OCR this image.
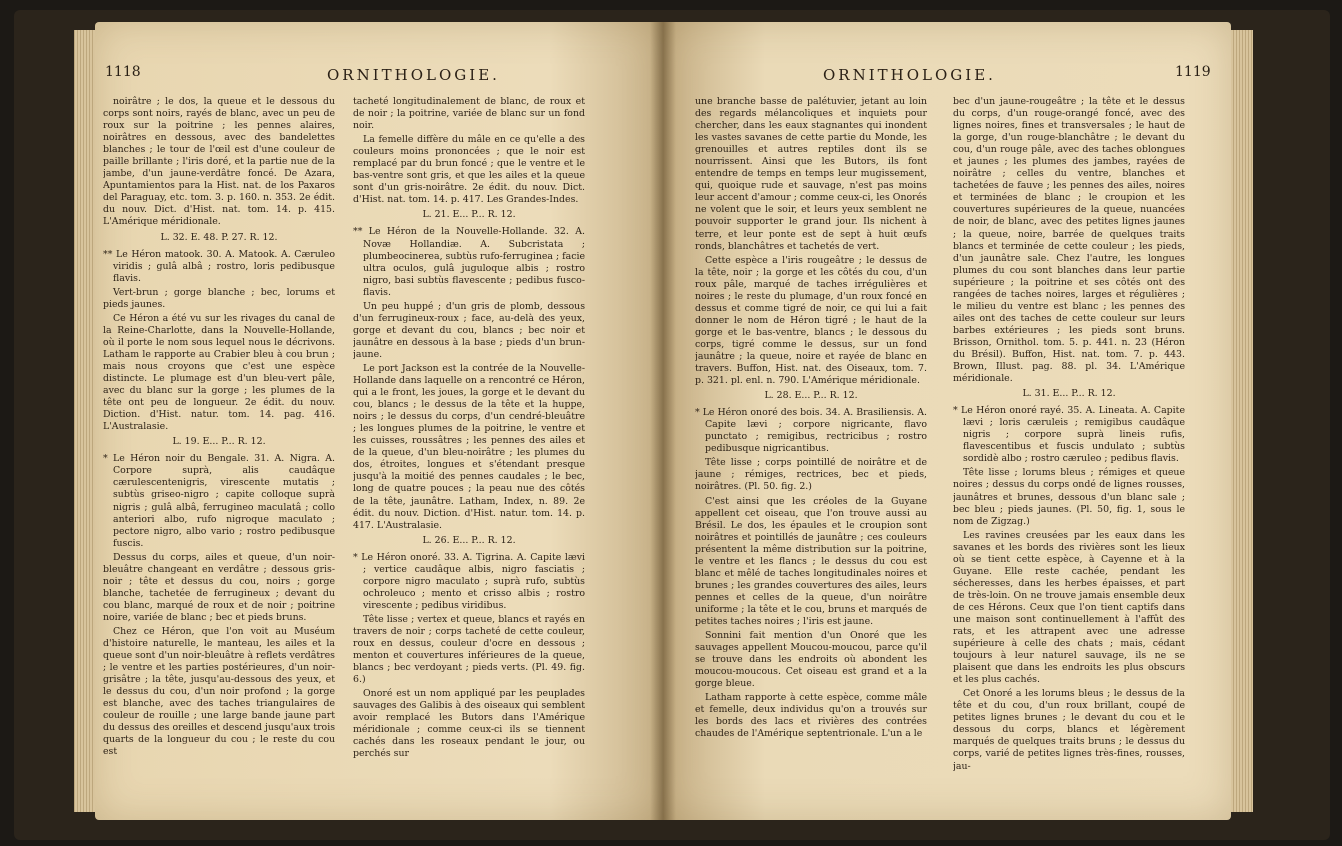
1118	ORNITHOLOGIE.

noirâtre ; le dos, la queue et le dessous du corps sont noirs, rayés de blanc, avec un peu de roux sur la poitrine ; les pennes alaires, noirâtres en dessous, avec des bandelettes blanches ; le tour de l'œil est d'une couleur de paille brillante ; l'iris doré, et la partie nue de la jambe, d'un jaune-verdâtre foncé. De Azara, Apuntamientos para la Hist. nat. de los Paxaros del Paraguay, etc. tom. 3. p. 160. n. 353. 2e édit. du nouv. Dict. d'Hist. nat. tom. 14. p. 415. L'Amérique méridionale.

L. 32. E. 48. P. 27. R. 12.

** Le Héron matook. 30. A. Matook. A. Cæruleo viridis ; gulâ albâ ; rostro, loris pedibusque flavis.

Vert-brun ; gorge blanche ; bec, lorums et pieds jaunes.

Ce Héron a été vu sur les rivages du canal de la Reine-Charlotte, dans la Nouvelle-Hollande, où il porte le nom sous lequel nous le décrivons. Latham le rapporte au Crabier bleu à cou brun ; mais nous croyons que c'est une espèce distincte. Le plumage est d'un bleu-vert pâle, avec du blanc sur la gorge ; les plumes de la tête ont peu de longueur. 2e édit. du nouv. Diction. d'Hist. natur. tom. 14. pag. 416. L'Australasie.

L. 19. E... P... R. 12.

* Le Héron noir du Bengale. 31. A. Nigra. A. Corpore suprà, alis caudâque cærulescentenigris, virescente mutatis ; subtùs griseo-nigro ; capite colloque suprà nigris ; gulâ albâ, ferrugineo maculatâ ; collo anteriori albo, rufo nigroque maculato ; pectore nigro, albo vario ; rostro pedibusque fuscis.

Dessus du corps, ailes et queue, d'un noir-bleuâtre changeant en verdâtre ; dessous gris-noir ; tête et dessus du cou, noirs ; gorge blanche, tachetée de ferrugineux ; devant du cou blanc, marqué de roux et de noir ; poitrine noire, variée de blanc ; bec et pieds bruns.

Chez ce Héron, que l'on voit au Muséum d'histoire naturelle, le manteau, les ailes et la queue sont d'un noir-bleuâtre à reflets verdâtres ; le ventre et les parties postérieures, d'un noir-grisâtre ; la tête, jusqu'au-dessous des yeux, et le dessus du cou, d'un noir profond ; la gorge est blanche, avec des taches triangulaires de couleur de rouille ; une large bande jaune part du dessus des oreilles et descend jusqu'aux trois quarts de la longueur du cou ; le reste du cou est

tacheté longitudinalement de blanc, de roux et de noir ; la poitrine, variée de blanc sur un fond noir.

La femelle diffère du mâle en ce qu'elle a des couleurs moins prononcées ; que le noir est remplacé par du brun foncé ; que le ventre et le bas-ventre sont gris, et que les ailes et la queue sont d'un gris-noirâtre. 2e édit. du nouv. Dict. d'Hist. nat. tom. 14. p. 417. Les Grandes-Indes.

L. 21. E... P... R. 12.

** Le Héron de la Nouvelle-Hollande. 32. A. Novæ Hollandiæ. A. Subcristata ; plumbeocinerea, subtùs rufo-ferruginea ; facie ultra oculos, gulâ juguloque albis ; rostro nigro, basi subtùs flavescente ; pedibus fusco-flavis.

Un peu huppé ; d'un gris de plomb, dessous d'un ferrugineux-roux ; face, au-delà des yeux, gorge et devant du cou, blancs ; bec noir et jaunâtre en dessous à la base ; pieds d'un brun-jaune.

Le port Jackson est la contrée de la Nouvelle-Hollande dans laquelle on a rencontré ce Héron, qui a le front, les joues, la gorge et le devant du cou, blancs ; le dessus de la tête et la huppe, noirs ; le dessus du corps, d'un cendré-bleuâtre ; les longues plumes de la poitrine, le ventre et les cuisses, roussâtres ; les pennes des ailes et de la queue, d'un bleu-noirâtre ; les plumes du dos, étroites, longues et s'étendant presque jusqu'à la moitié des pennes caudales ; le bec, long de quatre pouces ; la peau nue des côtés de la tête, jaunâtre. Latham, Index, n. 89. 2e édit. du nouv. Diction. d'Hist. natur. tom. 14. p. 417. L'Australasie.

L. 26. E... P... R. 12.

* Le Héron onoré. 33. A. Tigrina. A. Capite lævi ; vertice caudâque albis, nigro fasciatis ; corpore nigro maculato ; suprà rufo, subtùs ochroleuco ; mento et crisso albis ; rostro virescente ; pedibus viridibus.

Tête lisse ; vertex et queue, blancs et rayés en travers de noir ; corps tacheté de cette couleur, roux en dessus, couleur d'ocre en dessous ; menton et couvertures inférieures de la queue, blancs ; bec verdoyant ; pieds verts. (Pl. 49. fig. 6.)

Onoré est un nom appliqué par les peuplades sauvages des Galibis à des oiseaux qui semblent avoir remplacé les Butors dans l'Amérique méridionale ; comme ceux-ci ils se tiennent cachés dans les roseaux pendant le jour, ou perchés sur

ORNITHOLOGIE.	1119

une branche basse de palétuvier, jetant au loin des regards mélancoliques et inquiets pour chercher, dans les eaux stagnantes qui inondent les vastes savanes de cette partie du Monde, les grenouilles et autres reptiles dont ils se nourrissent. Ainsi que les Butors, ils font entendre de temps en temps leur mugissement, qui, quoique rude et sauvage, n'est pas moins leur accent d'amour ; comme ceux-ci, les Onorés ne volent que le soir, et leurs yeux semblent ne pouvoir supporter le grand jour. Ils nichent à terre, et leur ponte est de sept à huit œufs ronds, blanchâtres et tachetés de vert.

Cette espèce a l'iris rougeâtre ; le dessus de la tête, noir ; la gorge et les côtés du cou, d'un roux pâle, marqué de taches irrégulières et noires ; le reste du plumage, d'un roux foncé en dessus et comme tigré de noir, ce qui lui a fait donner le nom de Héron tigré ; le haut de la gorge et le bas-ventre, blancs ; le dessous du corps, tigré comme le dessus, sur un fond jaunâtre ; la queue, noire et rayée de blanc en travers. Buffon, Hist. nat. des Oiseaux, tom. 7. p. 321. pl. enl. n. 790. L'Amérique méridionale.

L. 28. E... P... R. 12.

* Le Héron onoré des bois. 34. A. Brasiliensis. A. Capite lævi ; corpore nigricante, flavo punctato ; remigibus, rectricibus ; rostro pedibusque nigricantibus.

Tête lisse ; corps pointillé de noirâtre et de jaune ; rémiges, rectrices, bec et pieds, noirâtres. (Pl. 50. fig. 2.)

C'est ainsi que les créoles de la Guyane appellent cet oiseau, que l'on trouve aussi au Brésil. Le dos, les épaules et le croupion sont noirâtres et pointillés de jaunâtre ; ces couleurs présentent la même distribution sur la poitrine, le ventre et les flancs ; le dessus du cou est blanc et mêlé de taches longitudinales noires et brunes ; les grandes couvertures des ailes, leurs pennes et celles de la queue, d'un noirâtre uniforme ; la tête et le cou, bruns et marqués de petites taches noires ; l'iris est jaune.

Sonnini fait mention d'un Onoré que les sauvages appellent Moucou-moucou, parce qu'il se trouve dans les endroits où abondent les moucou-moucous. Cet oiseau est grand et a la gorge bleue.

Latham rapporte à cette espèce, comme mâle et femelle, deux individus qu'on a trouvés sur les bords des lacs et rivières des contrées chaudes de l'Amérique septentrionale. L'un a le

bec d'un jaune-rougeâtre ; la tête et le dessus du corps, d'un rouge-orangé foncé, avec des lignes noires, fines et transversales ; le haut de la gorge, d'un rouge-blanchâtre ; le devant du cou, d'un rouge pâle, avec des taches oblongues et jaunes ; les plumes des jambes, rayées de noirâtre ; celles du ventre, blanches et tachetées de fauve ; les pennes des ailes, noires et terminées de blanc ; le croupion et les couvertures supérieures de la queue, nuancées de noir, de blanc, avec des petites lignes jaunes ; la queue, noire, barrée de quelques traits blancs et terminée de cette couleur ; les pieds, d'un jaunâtre sale. Chez l'autre, les longues plumes du cou sont blanches dans leur partie supérieure ; la poitrine et ses côtés ont des rangées de taches noires, larges et régulières ; le milieu du ventre est blanc ; les pennes des ailes ont des taches de cette couleur sur leurs barbes extérieures ; les pieds sont bruns. Brisson, Ornithol. tom. 5. p. 441. n. 23 (Héron du Brésil). Buffon, Hist. nat. tom. 7. p. 443. Brown, Illust. pag. 88. pl. 34. L'Amérique méridionale.

L. 31. E... P... R. 12.

* Le Héron onoré rayé. 35. A. Lineata. A. Capite lævi ; loris cæruleis ; remigibus caudâque nigris ; corpore suprà lineis rufis, flavescentibus et fuscis undulato ; subtùs sordidè albo ; rostro cæruleo ; pedibus flavis.

Tête lisse ; lorums bleus ; rémiges et queue noires ; dessus du corps ondé de lignes rousses, jaunâtres et brunes, dessous d'un blanc sale ; bec bleu ; pieds jaunes. (Pl. 50, fig. 1, sous le nom de Zigzag.)

Les ravines creusées par les eaux dans les savanes et les bords des rivières sont les lieux où se tient cette espèce, à Cayenne et à la Guyane. Elle reste cachée, pendant les sécheresses, dans les herbes épaisses, et part de très-loin. On ne trouve jamais ensemble deux de ces Hérons. Ceux que l'on tient captifs dans une maison sont continuellement à l'affût des rats, et les attrapent avec une adresse supérieure à celle des chats ; mais, cédant toujours à leur naturel sauvage, ils ne se plaisent que dans les endroits les plus obscurs et les plus cachés.

Cet Onoré a les lorums bleus ; le dessus de la tête et du cou, d'un roux brillant, coupé de petites lignes brunes ; le devant du cou et le dessous du corps, blancs et légèrement marqués de quelques traits bruns ; le dessus du corps, varié de petites lignes très-fines, rousses, jau-
